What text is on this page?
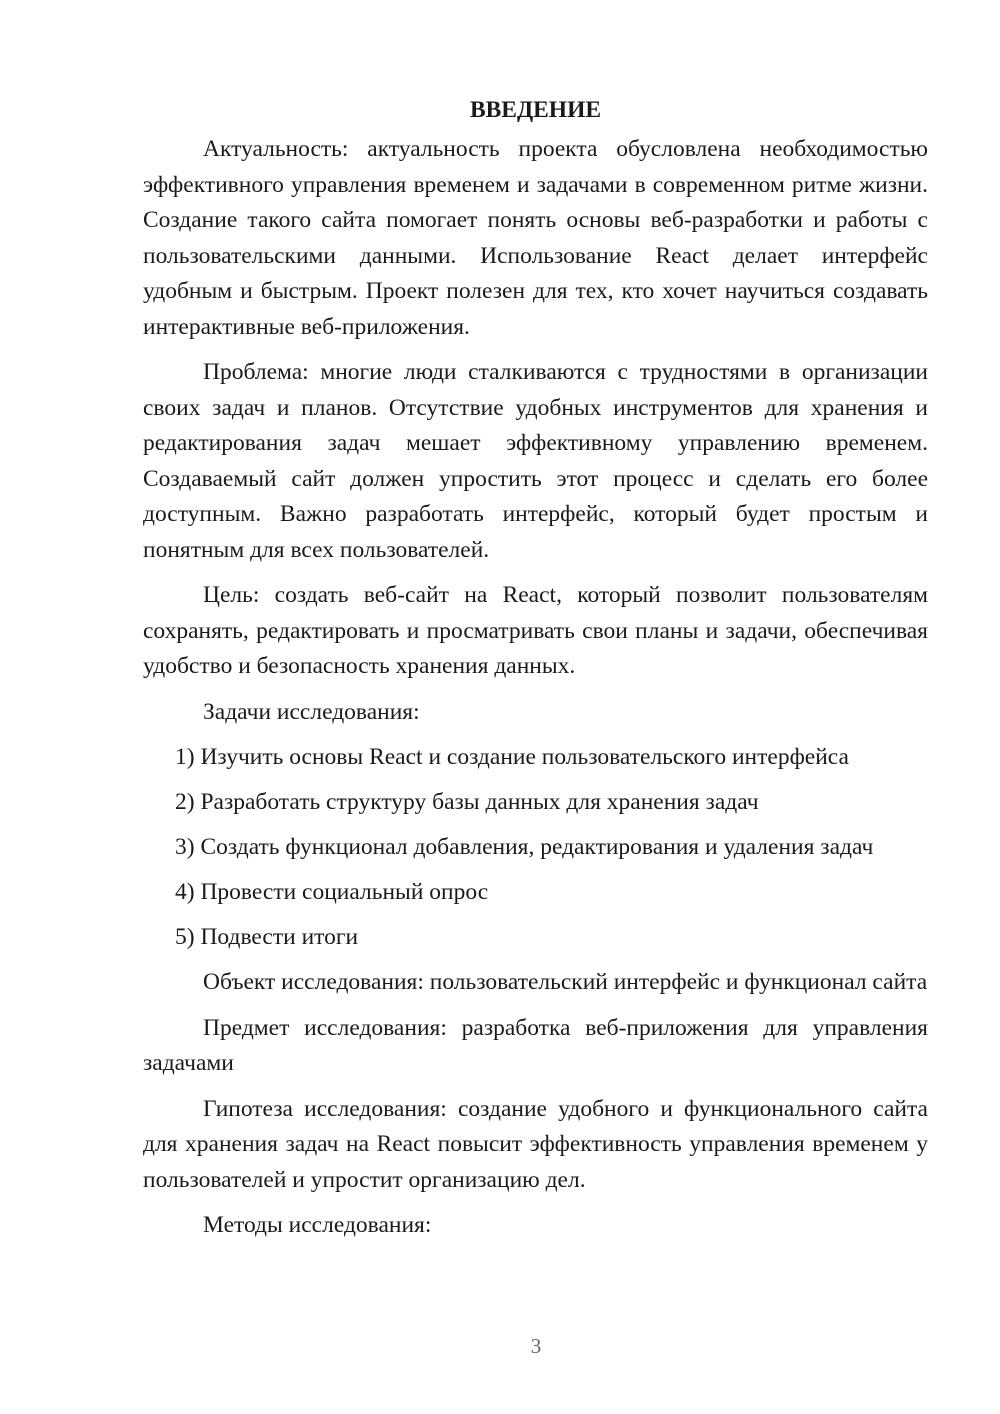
ВВЕДЕНИЕ

Актуальность: актуальность проекта обусловлена необходимостью эффективного управления временем и задачами в современном ритме жизни. Создание такого сайта помогает понять основы веб-разработки и работы с пользовательскими данными. Использование React делает интерфейс удобным и быстрым. Проект полезен для тех, кто хочет научиться создавать интерактивные веб-приложения.

Проблема: многие люди сталкиваются с трудностями в организации своих задач и планов. Отсутствие удобных инструментов для хранения и редактирования задач мешает эффективному управлению временем. Создаваемый сайт должен упростить этот процесс и сделать его более доступным. Важно разработать интерфейс, который будет простым и понятным для всех пользователей.

Цель: создать веб-сайт на React, который позволит пользователям сохранять, редактировать и просматривать свои планы и задачи, обеспечивая удобство и безопасность хранения данных.

Задачи исследования:

1) Изучить основы React и создание пользовательского интерфейса
2) Разработать структуру базы данных для хранения задач
3) Создать функционал добавления, редактирования и удаления задач
4) Провести социальный опрос
5) Подвести итоги

Объект исследования: пользовательский интерфейс и функционал сайта

Предмет исследования: разработка веб-приложения для управления задачами

Гипотеза исследования: создание удобного и функционального сайта для хранения задач на React повысит эффективность управления временем у пользователей и упростит организацию дел.

Методы исследования:

3
